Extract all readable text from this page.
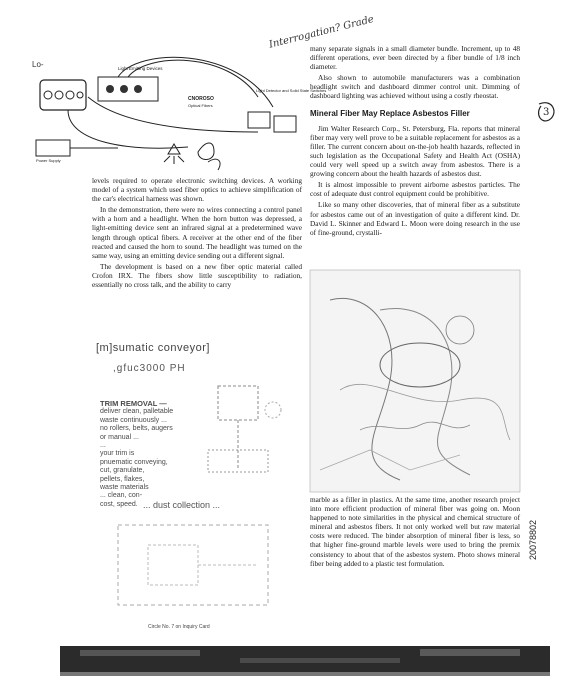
Light Emitting Devices
CNOROSO
Optical Fibers
Light Detector and Solid State Switches
Power Supply
Lo-
Interrogation? Grade
3

levels required to operate electronic switching devices. A working model of a system which used fiber optics to achieve simplification of the car's electrical harness was shown.

In the demonstration, there were no wires connecting a control panel with a horn and a headlight. When the horn button was depressed, a light-emitting device sent an infrared signal at a predetermined wave length through optical fibers. A receiver at the other end of the fiber reacted and caused the horn to sound. The headlight was turned on the same way, using an emitting device sending out a different signal.

The development is based on a new fiber optic material called Crofon IRX. The fibers show little susceptibility to radiation, essentially no cross talk, and the ability to carry

many separate signals in a small diameter bundle. Increment, up to 48 different operations, ever been directed by a fiber bundle of 1/8 inch diameter.

Also shown to automobile manufacturers was a combination headlight switch and dashboard dimmer control unit. Dimming of dashboard lighting was achieved without using a costly rheostat.

Mineral Fiber May Replace Asbestos Filler

Jim Walter Research Corp., St. Petersburg, Fla. reports that mineral fiber may very well prove to be a suitable replacement for asbestos as a filler. The current concern about on-the-job health hazards, reflected in such legislation as the Occupational Safety and Health Act (OSHA) could very well speed up a switch away from asbestos. There is a growing concern about the health hazards of asbestos dust.

It is almost impossible to prevent airborne asbestos particles. The cost of adequate dust control equipment could be prohibitive.

Like so many other discoveries, that of mineral fiber as a substitute for asbestos came out of an investigation of quite a different kind. Dr. David L. Skinner and Edward L. Moon were doing research in the use of fine-ground, crystalli-

marble as a filler in plastics. At the same time, another research project into more efficient production of mineral fiber was going on. Moon happened to note similarities in the physical and chemical structure of mineral and asbestos fibers. It not only worked well but raw material costs were reduced. The binder absorption of mineral fiber is less, so that higher fine-ground marble levels were used to bring the premix consistency to about that of the asbestos system. Photo shows mineral fiber being added to a plastic test formulation.

[m]sumatic conveyor]
,gfuc3000 PH
TRIM REMOVAL —
deliver clean, palletable
waste continuously ...
no rollers, belts, augers
or manual ...
...
your trim is
pnuematic conveying,
cut, granulate,
pellets, flakes,
waste materials
... clean, con-
cost, speed. ... dust collection ...
Circle No. 7 on Inquiry Card
20078802
